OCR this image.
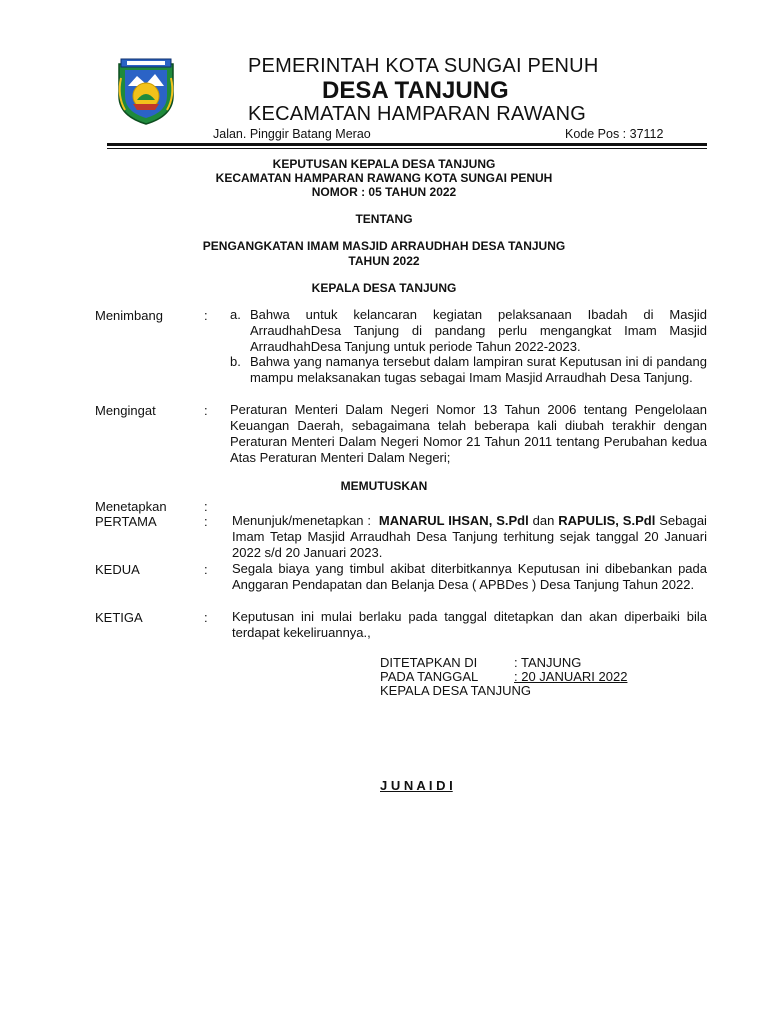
PEMERINTAH KOTA SUNGAI PENUH
DESA TANJUNG
KECAMATAN HAMPARAN RAWANG
Jalan. Pinggir Batang Merao	Kode Pos : 37112
KEPUTUSAN KEPALA DESA TANJUNG
KECAMATAN HAMPARAN RAWANG KOTA SUNGAI PENUH
NOMOR : 05 TAHUN 2022
TENTANG
PENGANGKATAN IMAM MASJID ARRAUDHAH DESA TANJUNG
TAHUN 2022
KEPALA DESA TANJUNG
Menimbang	: a. Bahwa untuk kelancaran kegiatan pelaksanaan Ibadah di Masjid ArraudhahDesa Tanjung di pandang perlu mengangkat Imam Masjid ArraudhahDesa Tanjung untuk periode Tahun 2022-2023.
b. Bahwa yang namanya tersebut dalam lampiran surat Keputusan ini di pandang mampu melaksanakan tugas sebagai Imam Masjid Arraudhah Desa Tanjung.
Mengingat	: Peraturan Menteri Dalam Negeri Nomor 13 Tahun 2006 tentang Pengelolaan Keuangan Daerah, sebagaimana telah beberapa kali diubah terakhir dengan Peraturan Menteri Dalam Negeri Nomor 21 Tahun 2011 tentang Perubahan kedua Atas Peraturan Menteri Dalam Negeri;
MEMUTUSKAN
Menetapkan	:
PERTAMA	: Menunjuk/menetapkan : MANARUL IHSAN, S.Pdl dan RAPULIS, S.Pdl Sebagai Imam Tetap Masjid Arraudhah Desa Tanjung terhitung sejak tanggal 20 Januari 2022 s/d 20 Januari 2023.
KEDUA	: Segala biaya yang timbul akibat diterbitkannya Keputusan ini dibebankan pada Anggaran Pendapatan dan Belanja Desa ( APBDes ) Desa Tanjung Tahun 2022.
KETIGA	: Keputusan ini mulai berlaku pada tanggal ditetapkan dan akan diperbaiki bila terdapat kekeliruannya.,
DITETAPKAN DI	: TANJUNG
PADA TANGGAL	: 20 JANUARI 2022
KEPALA DESA TANJUNG
J U N A I D I
